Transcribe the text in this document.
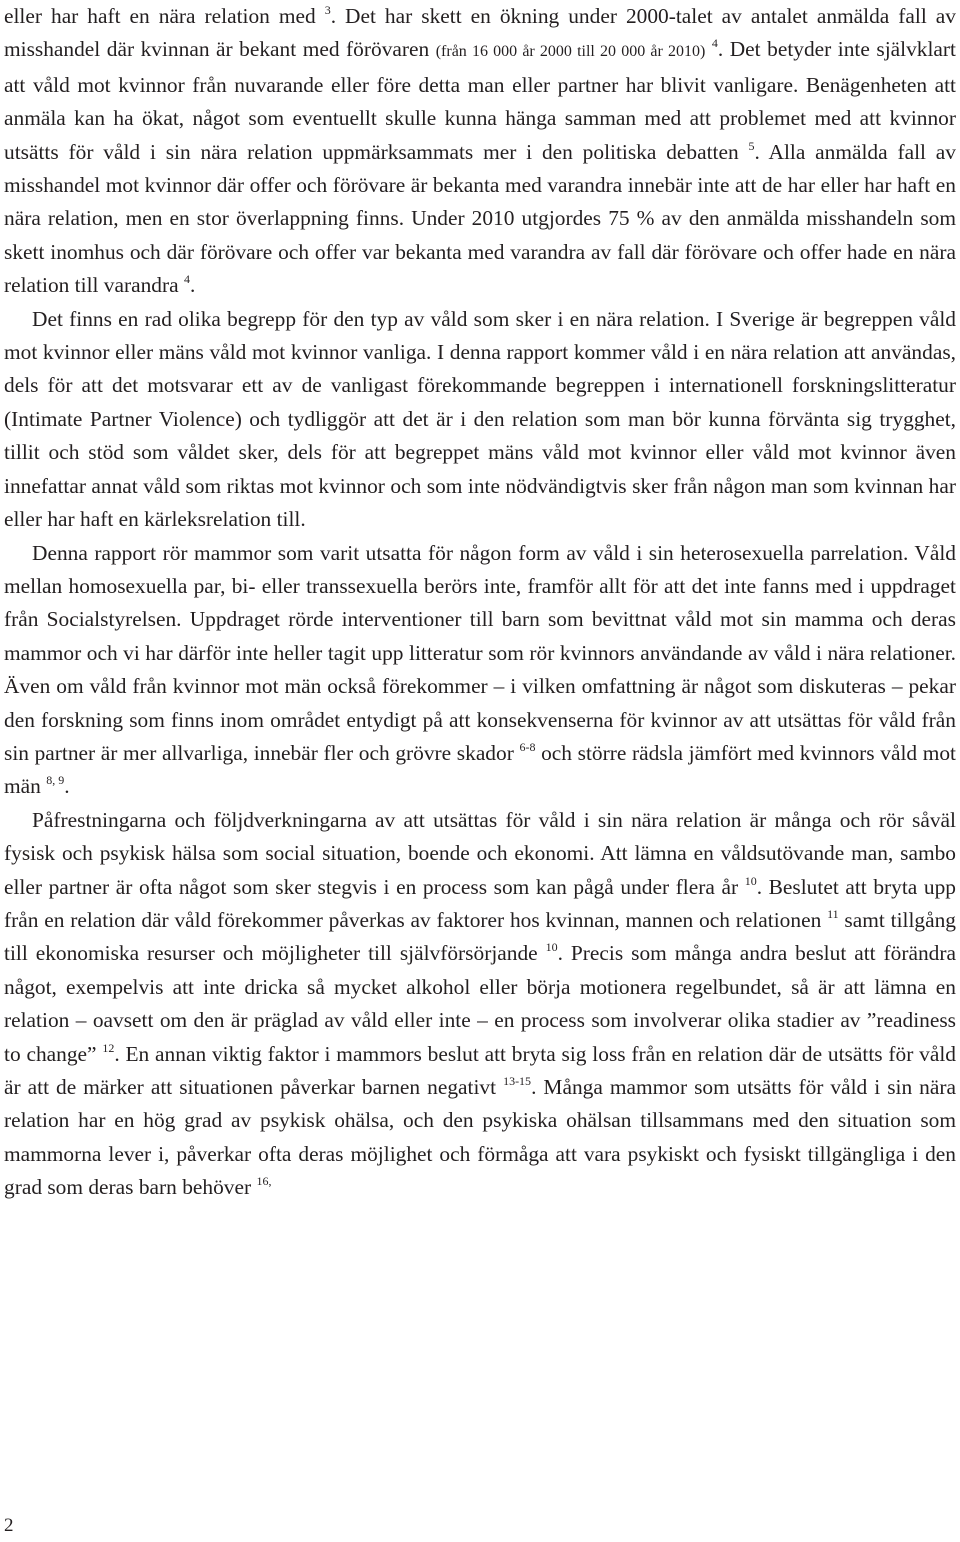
eller har haft en nära relation med $^3$. Det har skett en ökning under 2000-talet av antalet anmälda fall av misshandel där kvinnan är bekant med förövaren (från 16 000 år 2000 till 20 000 år 2010) $^4$. Det betyder inte självklart att våld mot kvinnor från nuvarande eller före detta man eller partner har blivit vanligare. Benägenheten att anmäla kan ha ökat, något som eventuellt skulle kunna hänga samman med att problemet med att kvinnor utsätts för våld i sin nära relation uppmärksammats mer i den politiska debatten $^5$. Alla anmälda fall av misshandel mot kvinnor där offer och förövare är bekanta med varandra innebär inte att de har eller har haft en nära relation, men en stor överlappning finns. Under 2010 utgjordes 75 % av den anmälda misshandeln som skett inomhus och där förövare och offer var bekanta med varandra av fall där förövare och offer hade en nära relation till varandra $^4$.

Det finns en rad olika begrepp för den typ av våld som sker i en nära relation. I Sverige är begreppen våld mot kvinnor eller mäns våld mot kvinnor vanliga. I denna rapport kommer våld i en nära relation att användas, dels för att det motsvarar ett av de vanligast förekommande begreppen i internationell forskningslitteratur (Intimate Partner Violence) och tydliggör att det är i den relation som man bör kunna förvänta sig trygghet, tillit och stöd som våldet sker, dels för att begreppet mäns våld mot kvinnor eller våld mot kvinnor även innefattar annat våld som riktas mot kvinnor och som inte nödvändigtvis sker från någon man som kvinnan har eller har haft en kärleksrelation till.

Denna rapport rör mammor som varit utsatta för någon form av våld i sin heterosexuella parrelation. Våld mellan homosexuella par, bi- eller transsexuella berörs inte, framför allt för att det inte fanns med i uppdraget från Socialstyrelsen. Uppdraget rörde interventioner till barn som bevittnat våld mot sin mamma och deras mammor och vi har därför inte heller tagit upp litteratur som rör kvinnors användande av våld i nära relationer. Även om våld från kvinnor mot män också förekommer – i vilken omfattning är något som diskuteras – pekar den forskning som finns inom området entydigt på att konsekvenserna för kvinnor av att utsättas för våld från sin partner är mer allvarliga, innebär fler och grövre skador $^{6-8}$ och större rädsla jämfört med kvinnors våld mot män $^{8, 9}$.

Påfrestningarna och följdverkningarna av att utsättas för våld i sin nära relation är många och rör såväl fysisk och psykisk hälsa som social situation, boende och ekonomi. Att lämna en våldsutövande man, sambo eller partner är ofta något som sker stegvis i en process som kan pågå under flera år $^{10}$. Beslutet att bryta upp från en relation där våld förekommer påverkas av faktorer hos kvinnan, mannen och relationen $^{11}$ samt tillgång till ekonomiska resurser och möjligheter till självförsörjande $^{10}$. Precis som många andra beslut att förändra något, exempelvis att inte dricka så mycket alkohol eller börja motionera regelbundet, så är att lämna en relation – oavsett om den är präglad av våld eller inte – en process som involverar olika stadier av ”readiness to change” $^{12}$. En annan viktig faktor i mammors beslut att bryta sig loss från en relation där de utsätts för våld är att de märker att situationen påverkar barnen negativt $^{13-15}$. Många mammor som utsätts för våld i sin nära relation har en hög grad av psykisk ohälsa, och den psykiska ohälsan tillsammans med den situation som mammorna lever i, påverkar ofta deras möjlighet och förmåga att vara psykiskt och fysiskt tillgängliga i den grad som deras barn behöver $^{16,}$

2
